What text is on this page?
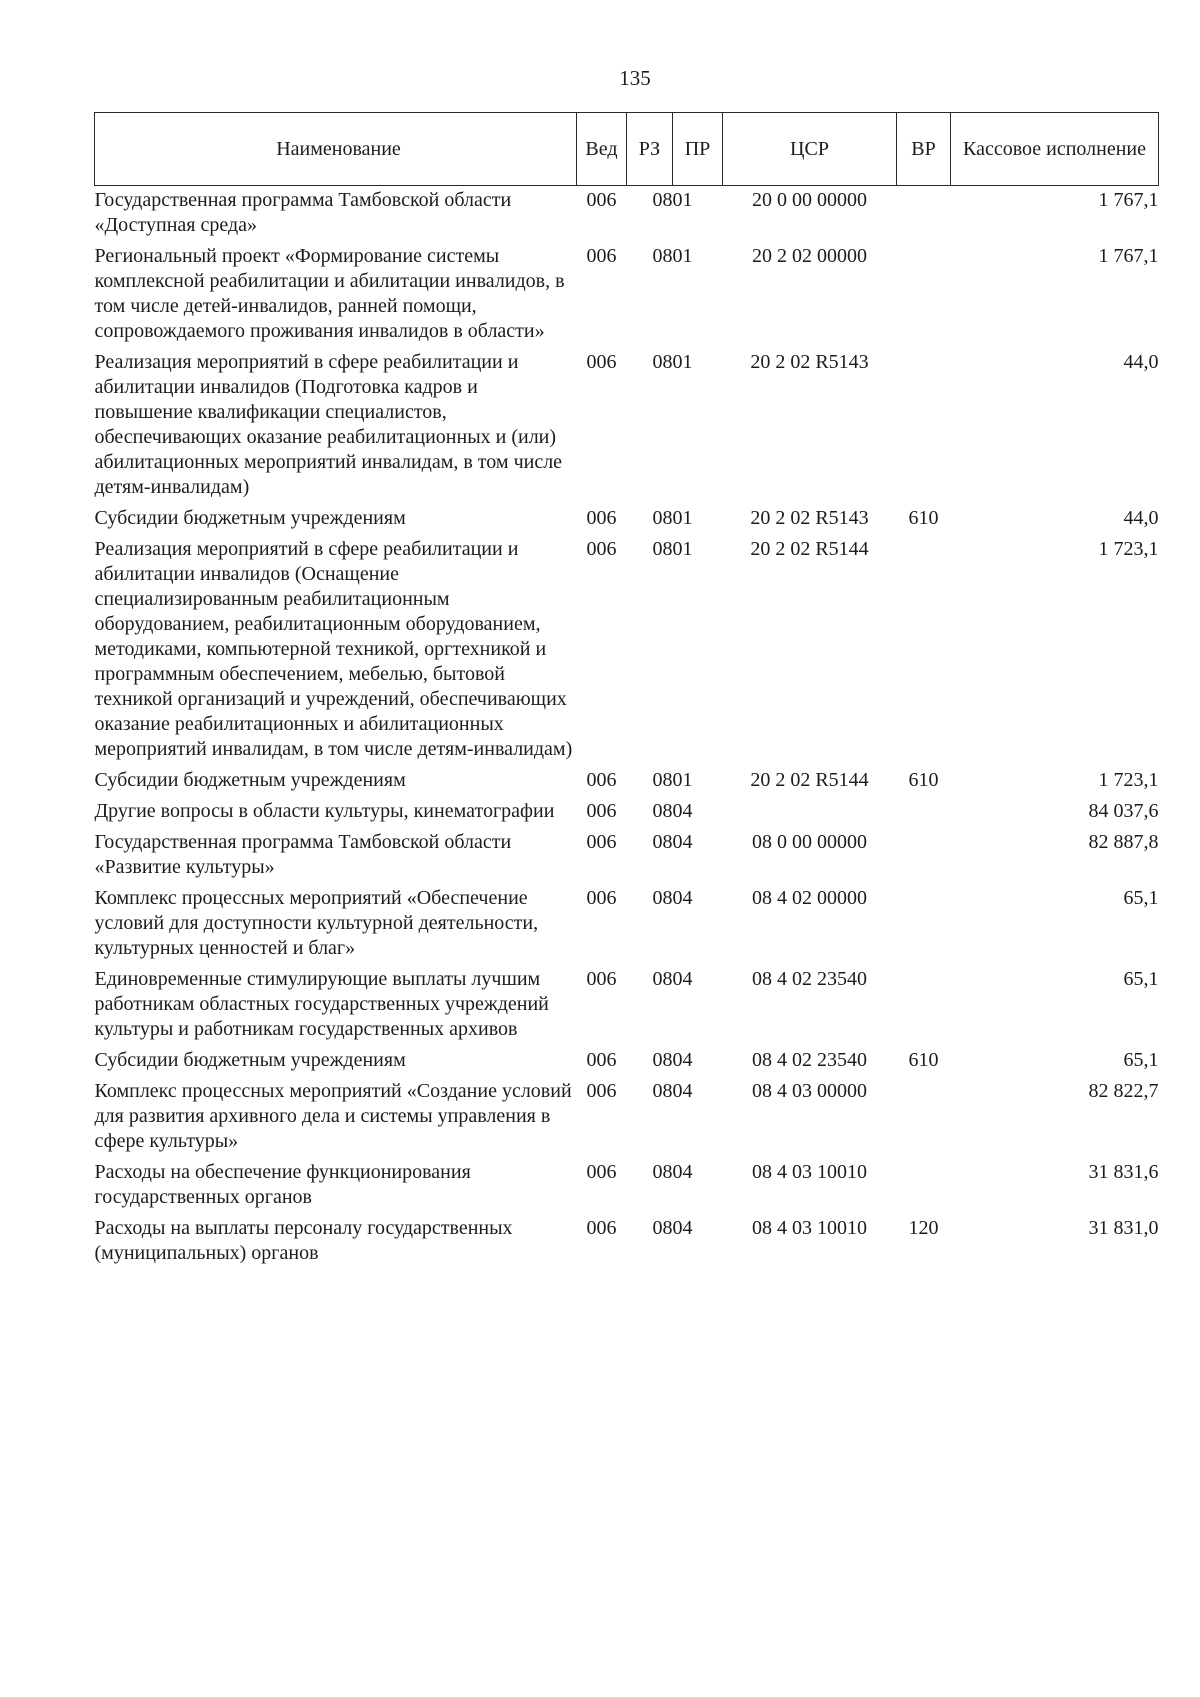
135
Наименование	Вед	РЗ	ПР	ЦСР	ВР	Кассовое исполнение
Государственная программа Тамбовской области «Доступная среда»	006	08	01	20 0 00 00000		1 767,1
Региональный проект «Формирование системы комплексной реабилитации и абилитации инвалидов, в том числе детей-инвалидов, ранней помощи, сопровождаемого проживания инвалидов в области»	006	08	01	20 2 02 00000		1 767,1
Реализация мероприятий в сфере реабилитации и абилитации инвалидов (Подготовка кадров и повышение квалификации специалистов, обеспечивающих оказание реабилитационных и (или) абилитационных мероприятий инвалидам, в том числе детям-инвалидам)	006	08	01	20 2 02 R5143		44,0
Субсидии бюджетным учреждениям	006	08	01	20 2 02 R5143	610	44,0
Реализация мероприятий в сфере реабилитации и абилитации инвалидов (Оснащение специализированным реабилитационным оборудованием, реабилитационным оборудованием, методиками, компьютерной техникой, оргтехникой и программным обеспечением, мебелью, бытовой техникой организаций и учреждений, обеспечивающих оказание реабилитационных и абилитационных мероприятий инвалидам, в том числе детям-инвалидам)	006	08	01	20 2 02 R5144		1 723,1
Субсидии бюджетным учреждениям	006	08	01	20 2 02 R5144	610	1 723,1
Другие вопросы в области культуры, кинематографии	006	08	04			84 037,6
Государственная программа Тамбовской области «Развитие культуры»	006	08	04	08 0 00 00000		82 887,8
Комплекс процессных мероприятий «Обеспечение условий для доступности культурной деятельности, культурных ценностей и благ»	006	08	04	08 4 02 00000		65,1
Единовременные стимулирующие выплаты лучшим работникам областных государственных учреждений культуры и работникам государственных архивов	006	08	04	08 4 02 23540		65,1
Субсидии бюджетным учреждениям	006	08	04	08 4 02 23540	610	65,1
Комплекс процессных мероприятий «Создание условий для развития архивного дела и системы управления в сфере культуры»	006	08	04	08 4 03 00000		82 822,7
Расходы на обеспечение функционирования государственных органов	006	08	04	08 4 03 10010		31 831,6
Расходы на выплаты персоналу государственных (муниципальных) органов	006	08	04	08 4 03 10010	120	31 831,0
